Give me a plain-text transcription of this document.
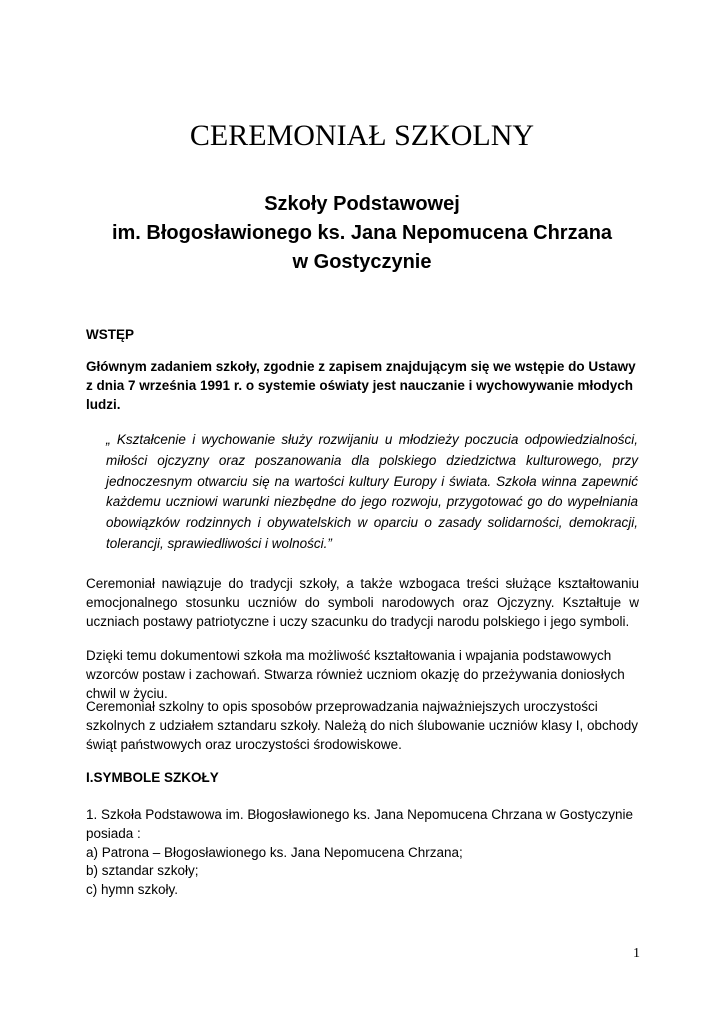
CEREMONIAŁ SZKOLNY
Szkoły Podstawowej
im. Błogosławionego ks. Jana Nepomucena Chrzana
w Gostyczynie
WSTĘP

Głównym zadaniem szkoły, zgodnie z zapisem znajdującym się we wstępie do Ustawy z dnia 7 września 1991 r. o systemie oświaty jest nauczanie i wychowywanie młodych ludzi.

„ Kształcenie i wychowanie służy rozwijaniu u młodzieży poczucia odpowiedzialności, miłości ojczyzny oraz poszanowania dla polskiego dziedzictwa kulturowego, przy jednoczesnym otwarciu się na wartości kultury Europy i świata. Szkoła winna zapewnić każdemu uczniowi warunki niezbędne do jego rozwoju, przygotować go do wypełniania obowiązków rodzinnych i obywatelskich w oparciu o zasady solidarności, demokracji, tolerancji, sprawiedliwości i wolności.”

Ceremoniał nawiązuje do tradycji szkoły, a także wzbogaca treści służące kształtowaniu emocjonalnego stosunku uczniów do symboli narodowych oraz Ojczyzny. Kształtuje w uczniach postawy patriotyczne i uczy szacunku do tradycji narodu polskiego i jego symboli.

Dzięki temu dokumentowi szkoła ma możliwość kształtowania i wpajania podstawowych wzorców postaw i zachowań. Stwarza również uczniom okazję do przeżywania doniosłych chwil w życiu.

Ceremoniał szkolny to opis sposobów przeprowadzania najważniejszych uroczystości szkolnych z udziałem sztandaru szkoły. Należą do nich ślubowanie uczniów klasy I, obchody świąt państwowych oraz uroczystości środowiskowe.

I.SYMBOLE SZKOŁY
1. Szkoła Podstawowa im. Błogosławionego ks. Jana Nepomucena Chrzana w Gostyczynie
posiada :
a) Patrona – Błogosławionego ks. Jana Nepomucena Chrzana;
b) sztandar szkoły;
c) hymn szkoły.
1
